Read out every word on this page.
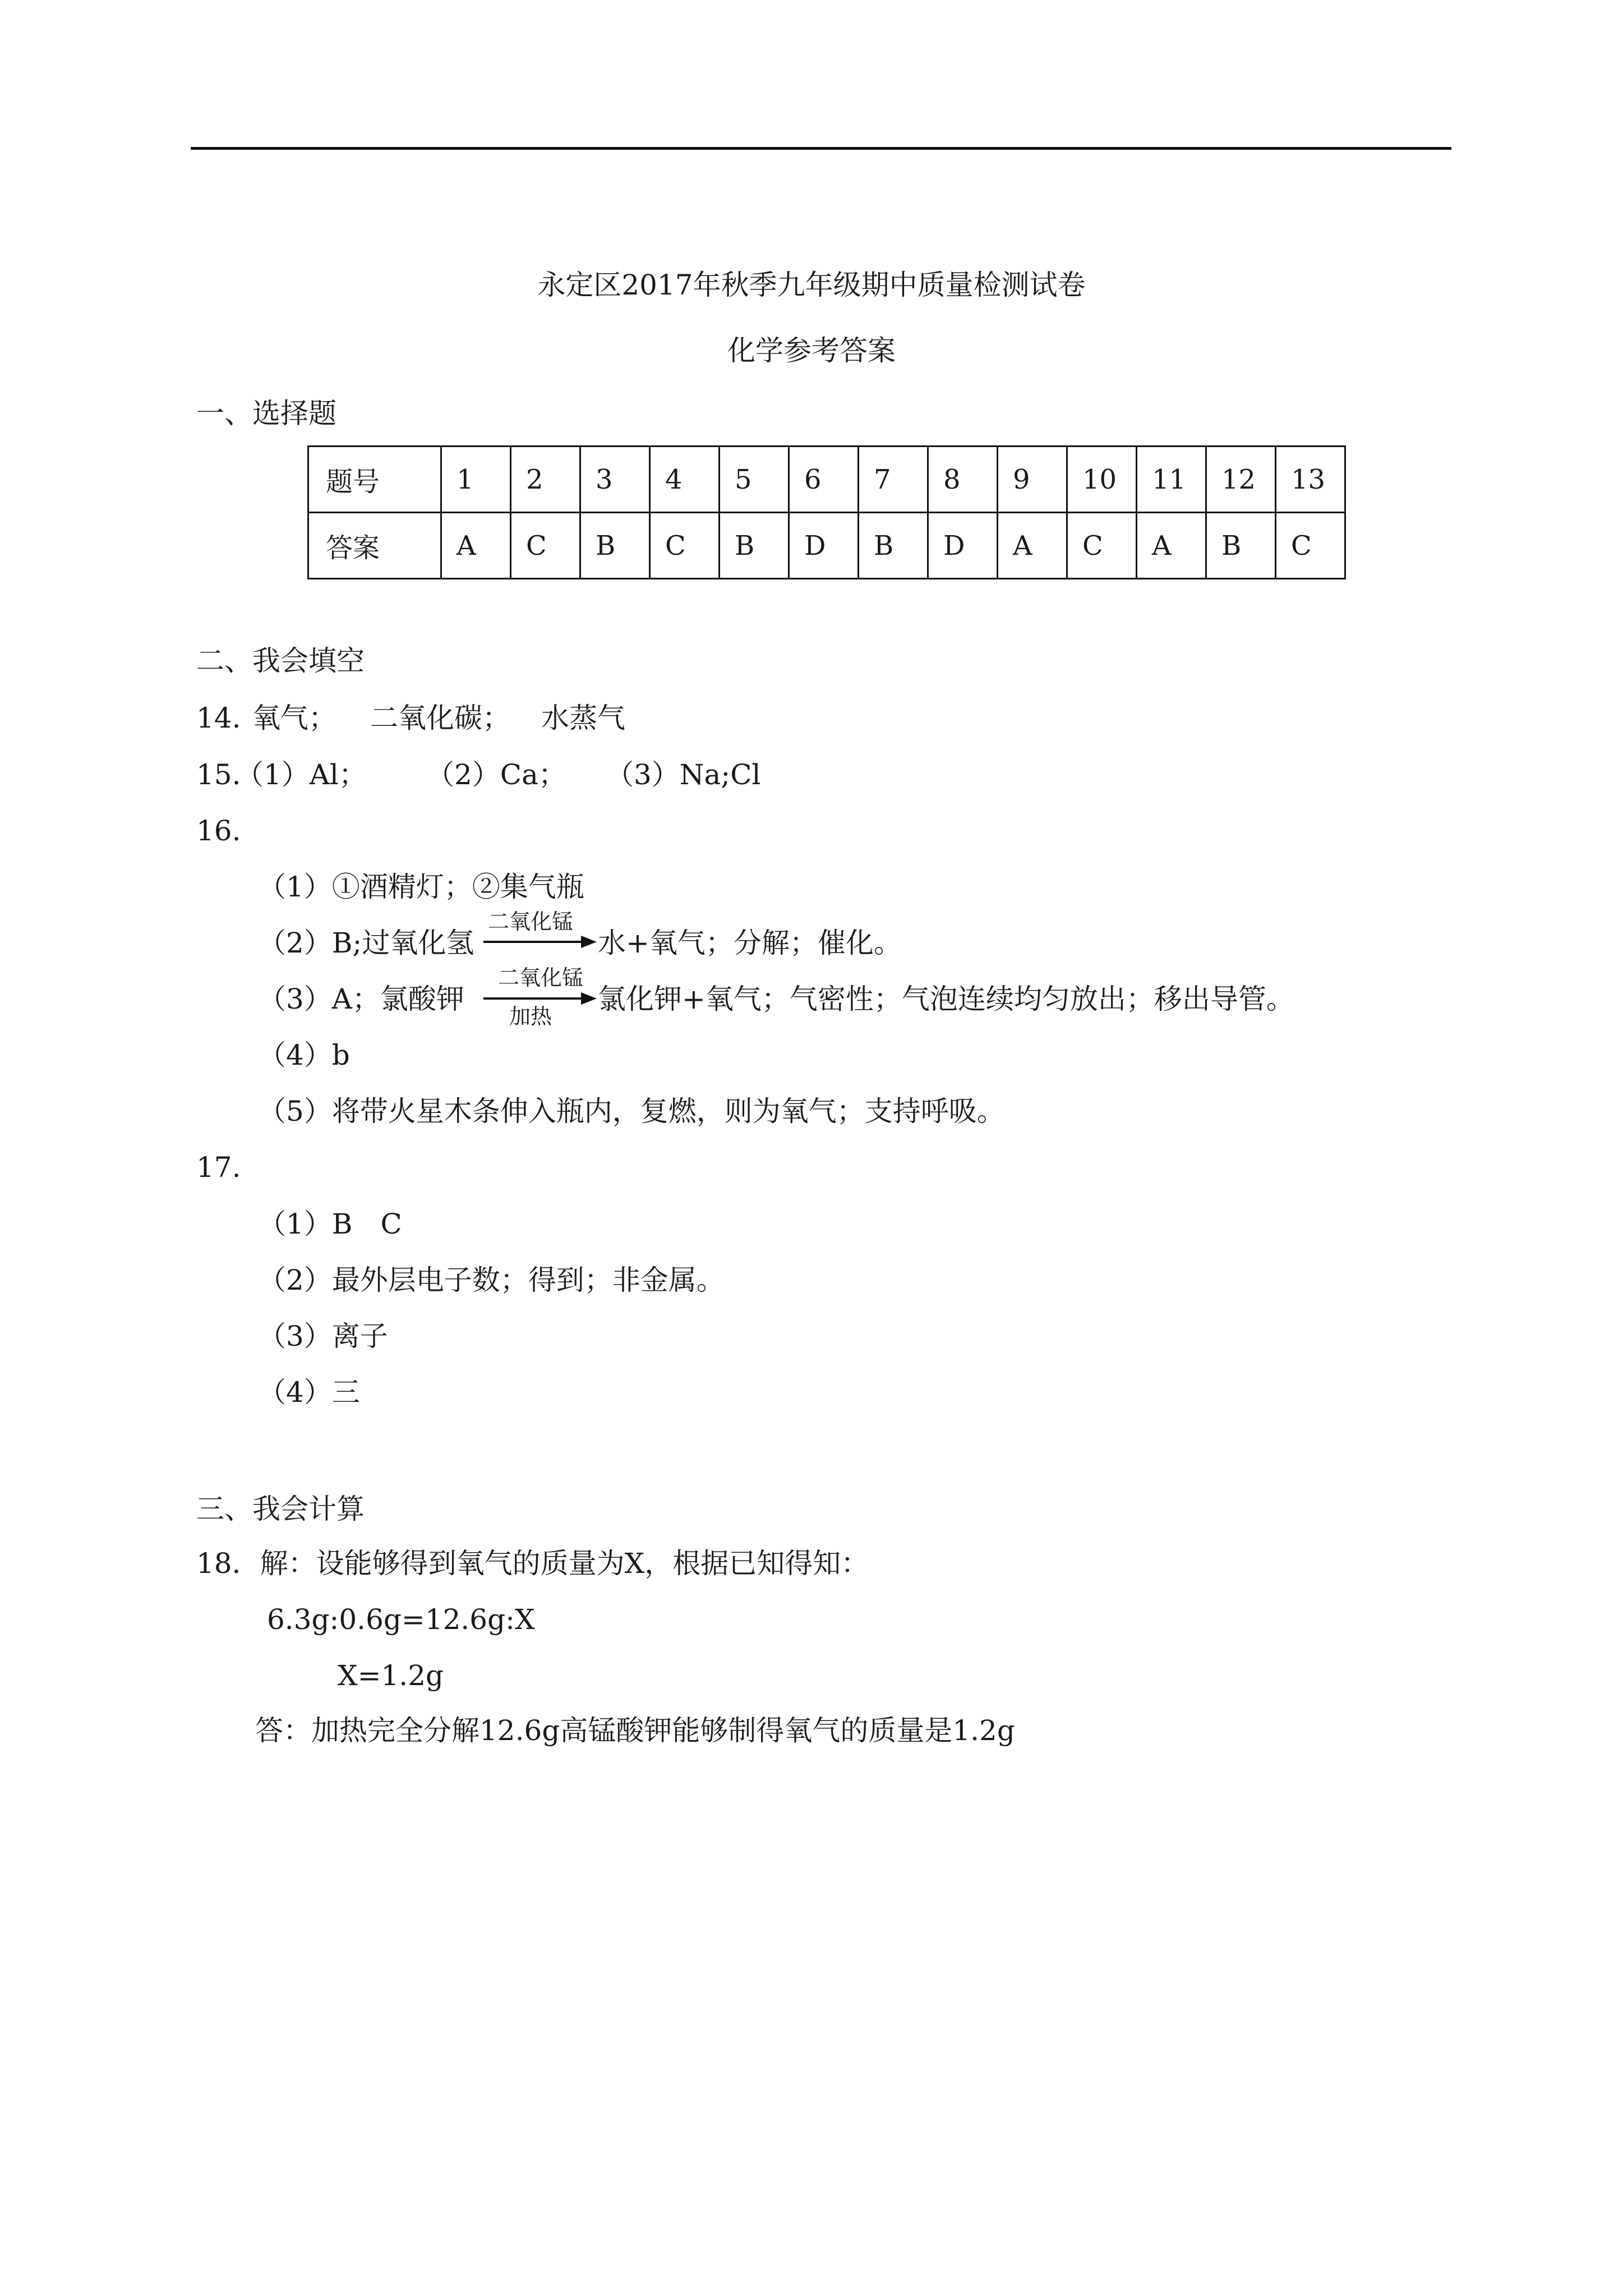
永定区2017年秋季九年级期中质量检测试卷
化学参考答案
一、选择题
题号	1	2	3	4	5	6	7	8	9	10	11	12	13
答案	A	C	B	C	B	D	B	D	A	C	A	B	C
二、我会填空
14. 氧气； 二氧化碳； 水蒸气
15.
（1）Al； （2）Ca； （3）Na;Cl
16.
（1）①酒精灯；②集气瓶
（2）B;过氧化氢
二氧化锰
水+氧气；分解；催化。
（3）A；氯酸钾
二氧化锰
加热
氯化钾+氧气；气密性；气泡连续均匀放出；移出导管。
（4）b
（5）将带火星木条伸入瓶内，复燃，则为氧气；支持呼吸。
17.
（1）B　C
（2）最外层电子数；得到；非金属。
（3）离子
（4）三
三、我会计算
18．解：设能够得到氧气的质量为X，根据已知得知：
6.3g:0.6g=12.6g:X
X=1.2g
答：加热完全分解12.6g高锰酸钾能够制得氧气的质量是1.2g
